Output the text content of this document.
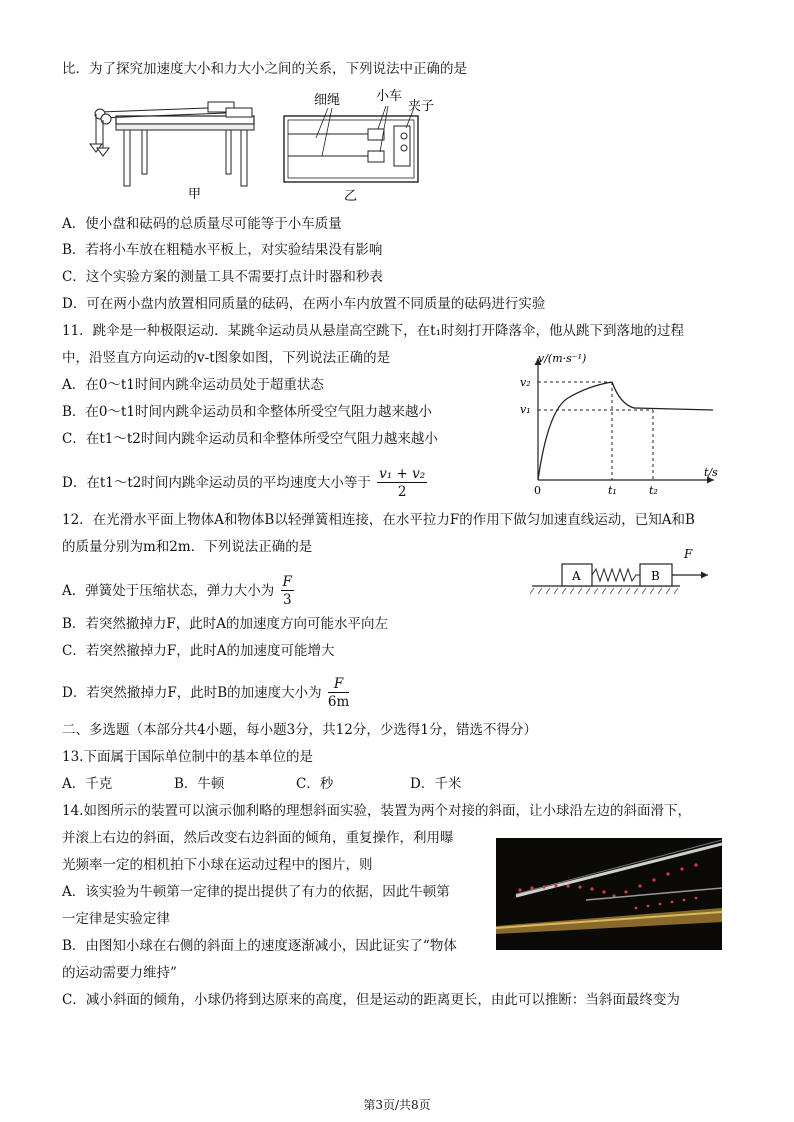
比．为了探究加速度大小和力大小之间的关系，下列说法中正确的是
甲
细绳	小车
夹子
乙
A．使小盘和砝码的总质量尽可能等于小车质量
B．若将小车放在粗糙水平板上，对实验结果没有影响
C．这个实验方案的测量工具不需要打点计时器和秒表
D．可在两小盘内放置相同质量的砝码，在两小车内放置不同质量的砝码进行实验
11．跳伞是一种极限运动．某跳伞运动员从悬崖高空跳下，在t₁时刻打开降落伞，他从跳下到落地的过程
中，沿竖直方向运动的v-t图象如图，下列说法正确的是
A．在0～t1时间内跳伞运动员处于超重状态
B．在0～t1时间内跳伞运动员和伞整体所受空气阻力越来越小
C．在t1～t2时间内跳伞运动员和伞整体所受空气阻力越来越小
D．在t1～t2时间内跳伞运动员的平均速度大小等于 $\frac{\text{v₁ + v₂}}{2}$
v/(m·s⁻¹)
t/s
v₂
v₁
0	t₁	t₂
12．在光滑水平面上物体A和物体B以轻弹簧相连接，在水平拉力F的作用下做匀加速直线运动，已知A和B
的质量分别为m和2m．下列说法正确的是
A．弹簧处于压缩状态，弹力大小为 $\frac{F}{3}$
B．若突然撤掉力F，此时A的加速度方向可能水平向左
C．若突然撤掉力F，此时A的加速度可能增大
D．若突然撤掉力F，此时B的加速度大小为 $\frac{F}{6m}$
A	B
F
二、多选题（本部分共4小题，每小题3分，共12分，少选得1分，错选不得分）
13.下面属于国际单位制中的基本单位的是
A．千克	B．牛顿	C．秒	D．千米
14.如图所示的装置可以演示伽利略的理想斜面实验，装置为两个对接的斜面，让小球沿左边的斜面滑下，
并滚上右边的斜面，然后改变右边斜面的倾角，重复操作，利用曝
光频率一定的相机拍下小球在运动过程中的图片，则
A．该实验为牛顿第一定律的提出提供了有力的依据，因此牛顿第
一定律是实验定律
B．由图知小球在右侧的斜面上的速度逐渐减小，因此证实了“物体
的运动需要力维持”
C．减小斜面的倾角，小球仍将到达原来的高度，但是运动的距离更长，由此可以推断：当斜面最终变为
第3页/共8页
